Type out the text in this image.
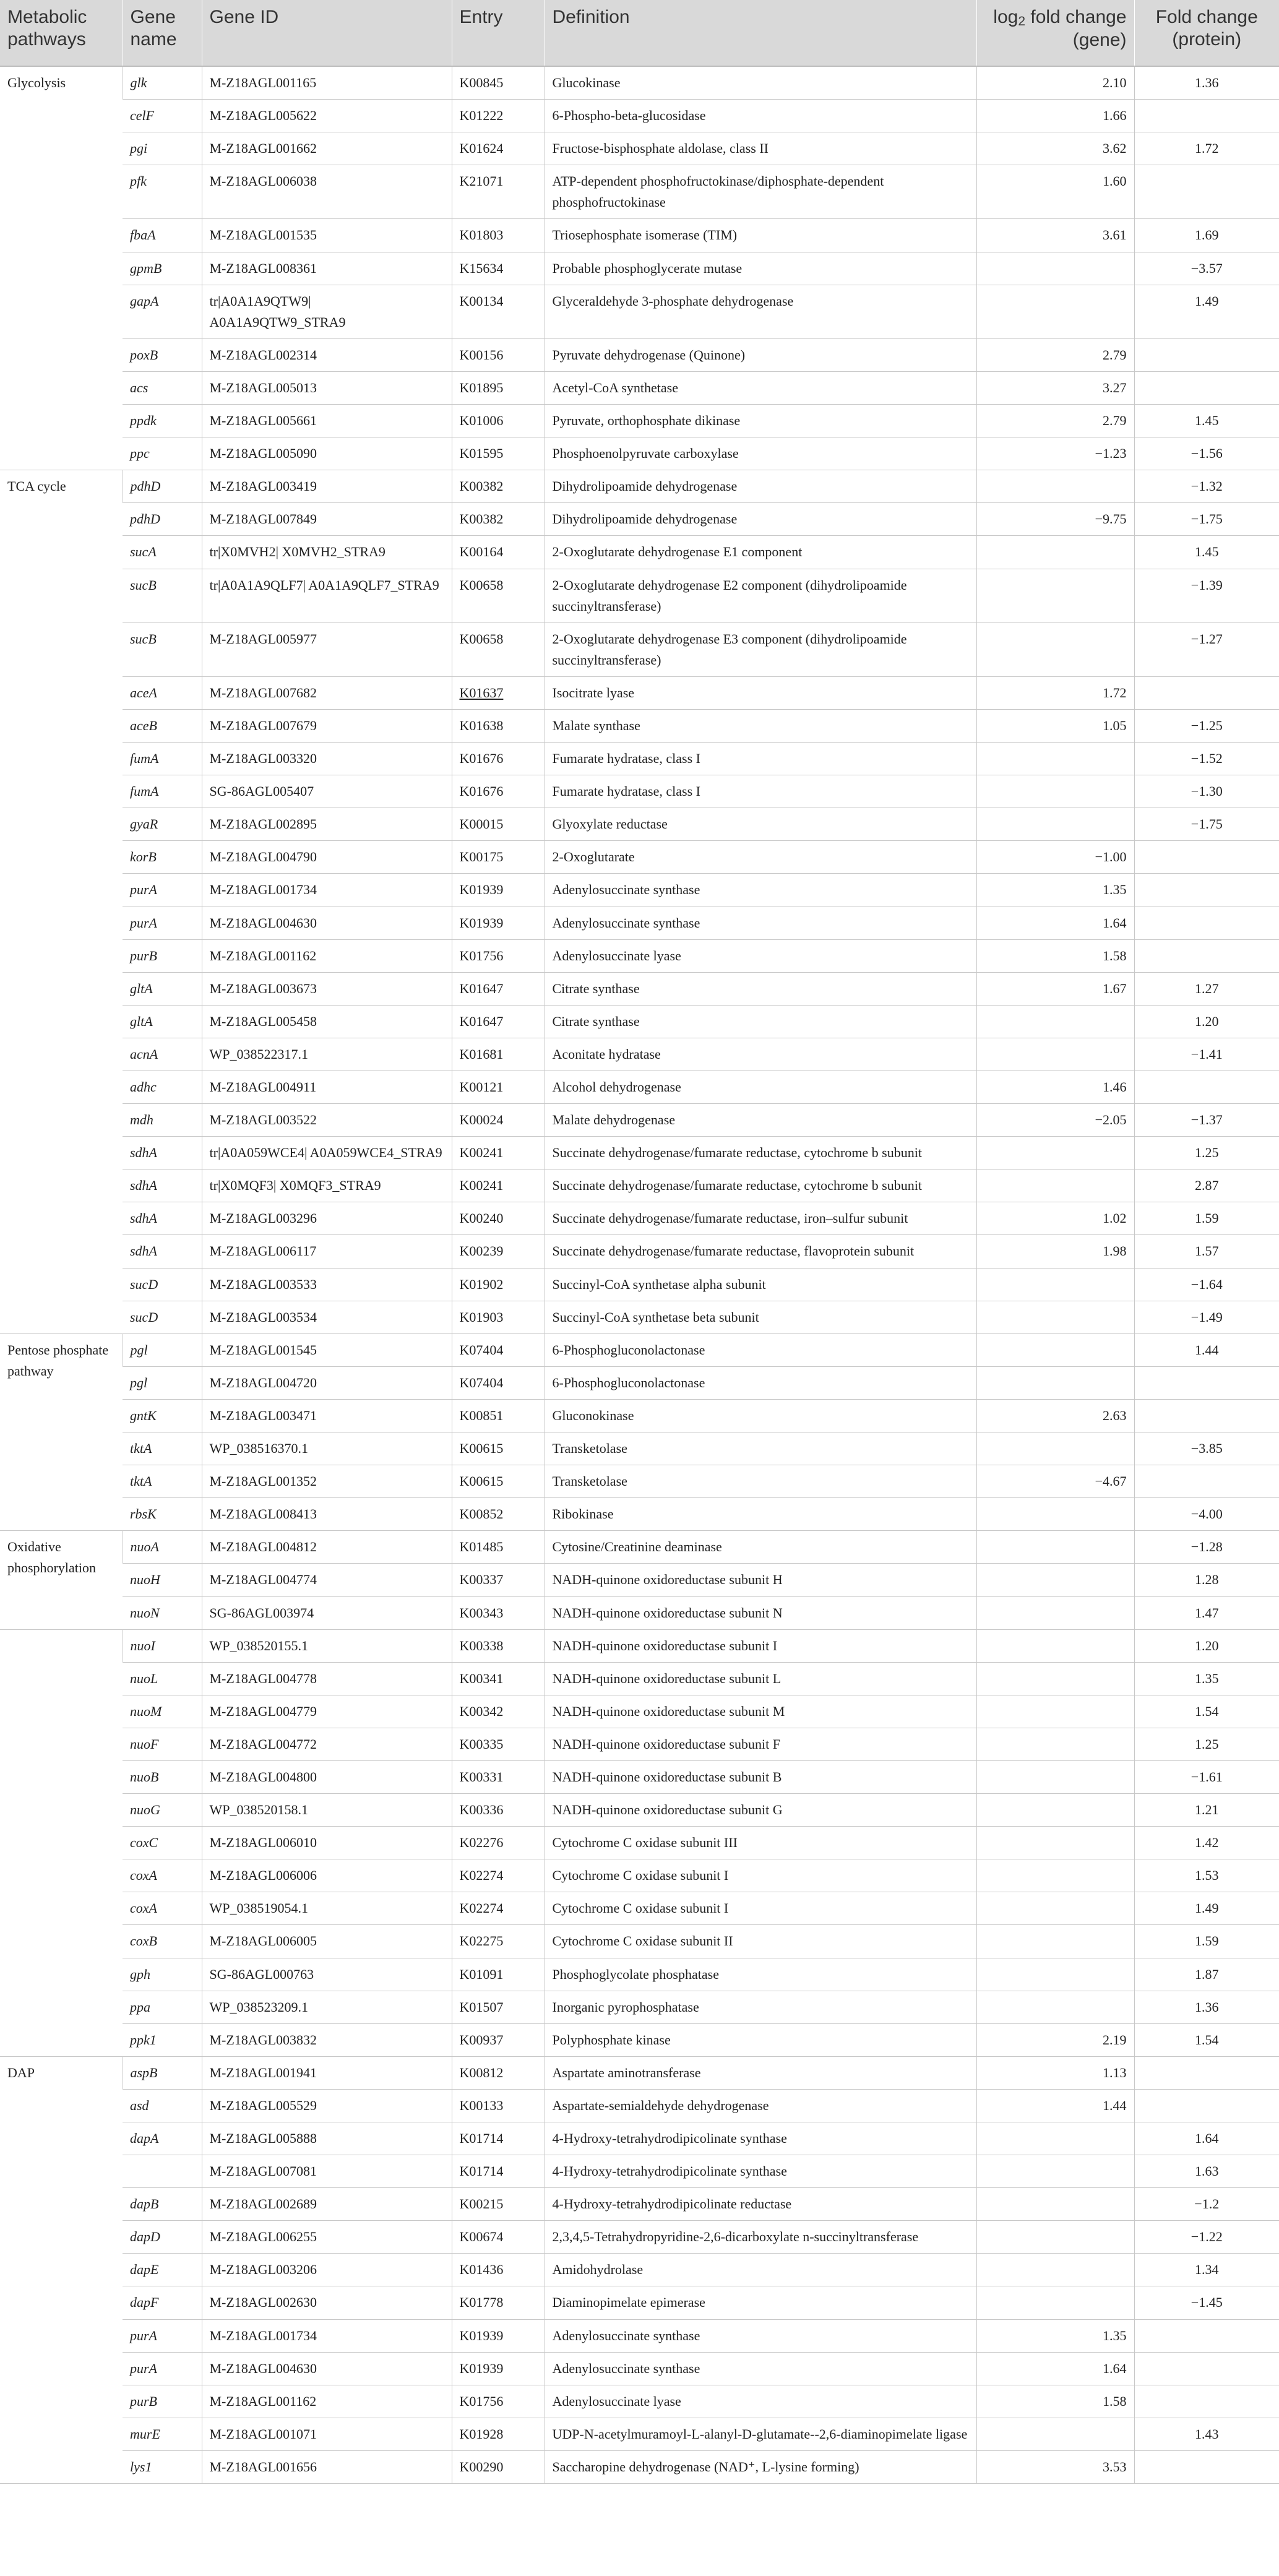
Metabolic pathways	Gene name	Gene ID	Entry	Definition	log2 fold change (gene)	Fold change (protein)
Glycolysis	glk	M-Z18AGL001165	K00845	Glucokinase	2.10	1.36
	celF	M-Z18AGL005622	K01222	6-Phospho-beta-glucosidase	1.66	
	pgi	M-Z18AGL001662	K01624	Fructose-bisphosphate aldolase, class II	3.62	1.72
	pfk	M-Z18AGL006038	K21071	ATP-dependent phosphofructokinase/diphosphate-dependent phosphofructokinase	1.60	
	fbaA	M-Z18AGL001535	K01803	Triosephosphate isomerase (TIM)	3.61	1.69
	gpmB	M-Z18AGL008361	K15634	Probable phosphoglycerate mutase		−3.57
	gapA	tr|A0A1A9QTW9| A0A1A9QTW9_STRA9	K00134	Glyceraldehyde 3-phosphate dehydrogenase		1.49
	poxB	M-Z18AGL002314	K00156	Pyruvate dehydrogenase (Quinone)	2.79	
	acs	M-Z18AGL005013	K01895	Acetyl-CoA synthetase	3.27	
	ppdk	M-Z18AGL005661	K01006	Pyruvate, orthophosphate dikinase	2.79	1.45
	ppc	M-Z18AGL005090	K01595	Phosphoenolpyruvate carboxylase	−1.23	−1.56
TCA cycle	pdhD	M-Z18AGL003419	K00382	Dihydrolipoamide dehydrogenase		−1.32
	pdhD	M-Z18AGL007849	K00382	Dihydrolipoamide dehydrogenase	−9.75	−1.75
	sucA	tr|X0MVH2| X0MVH2_STRA9	K00164	2-Oxoglutarate dehydrogenase E1 component		1.45
	sucB	tr|A0A1A9QLF7| A0A1A9QLF7_STRA9	K00658	2-Oxoglutarate dehydrogenase E2 component (dihydrolipoamide succinyltransferase)		−1.39
	sucB	M-Z18AGL005977	K00658	2-Oxoglutarate dehydrogenase E3 component (dihydrolipoamide succinyltransferase)		−1.27
	aceA	M-Z18AGL007682	K01637	Isocitrate lyase	1.72	
	aceB	M-Z18AGL007679	K01638	Malate synthase	1.05	−1.25
	fumA	M-Z18AGL003320	K01676	Fumarate hydratase, class I		−1.52
	fumA	SG-86AGL005407	K01676	Fumarate hydratase, class I		−1.30
	gyaR	M-Z18AGL002895	K00015	Glyoxylate reductase		−1.75
	korB	M-Z18AGL004790	K00175	2-Oxoglutarate	−1.00	
	purA	M-Z18AGL001734	K01939	Adenylosuccinate synthase	1.35	
	purA	M-Z18AGL004630	K01939	Adenylosuccinate synthase	1.64	
	purB	M-Z18AGL001162	K01756	Adenylosuccinate lyase	1.58	
	gltA	M-Z18AGL003673	K01647	Citrate synthase	1.67	1.27
	gltA	M-Z18AGL005458	K01647	Citrate synthase		1.20
	acnA	WP_038522317.1	K01681	Aconitate hydratase		−1.41
	adhc	M-Z18AGL004911	K00121	Alcohol dehydrogenase	1.46	
	mdh	M-Z18AGL003522	K00024	Malate dehydrogenase	−2.05	−1.37
	sdhA	tr|A0A059WCE4| A0A059WCE4_STRA9	K00241	Succinate dehydrogenase/fumarate reductase, cytochrome b subunit		1.25
	sdhA	tr|X0MQF3| X0MQF3_STRA9	K00241	Succinate dehydrogenase/fumarate reductase, cytochrome b subunit		2.87
	sdhA	M-Z18AGL003296	K00240	Succinate dehydrogenase/fumarate reductase, iron–sulfur subunit	1.02	1.59
	sdhA	M-Z18AGL006117	K00239	Succinate dehydrogenase/fumarate reductase, flavoprotein subunit	1.98	1.57
	sucD	M-Z18AGL003533	K01902	Succinyl-CoA synthetase alpha subunit		−1.64
	sucD	M-Z18AGL003534	K01903	Succinyl-CoA synthetase beta subunit		−1.49
Pentose phosphate pathway	pgl	M-Z18AGL001545	K07404	6-Phosphogluconolactonase		1.44
	pgl	M-Z18AGL004720	K07404	6-Phosphogluconolactonase		
	gntK	M-Z18AGL003471	K00851	Gluconokinase	2.63	
	tktA	WP_038516370.1	K00615	Transketolase		−3.85
	tktA	M-Z18AGL001352	K00615	Transketolase	−4.67	
	rbsK	M-Z18AGL008413	K00852	Ribokinase		−4.00
Oxidative phosphorylation	nuoA	M-Z18AGL004812	K01485	Cytosine/Creatinine deaminase		−1.28
	nuoH	M-Z18AGL004774	K00337	NADH-quinone oxidoreductase subunit H		1.28
	nuoN	SG-86AGL003974	K00343	NADH-quinone oxidoreductase subunit N		1.47
	nuoI	WP_038520155.1	K00338	NADH-quinone oxidoreductase subunit I		1.20
	nuoL	M-Z18AGL004778	K00341	NADH-quinone oxidoreductase subunit L		1.35
	nuoM	M-Z18AGL004779	K00342	NADH-quinone oxidoreductase subunit M		1.54
	nuoF	M-Z18AGL004772	K00335	NADH-quinone oxidoreductase subunit F		1.25
	nuoB	M-Z18AGL004800	K00331	NADH-quinone oxidoreductase subunit B		−1.61
	nuoG	WP_038520158.1	K00336	NADH-quinone oxidoreductase subunit G		1.21
	coxC	M-Z18AGL006010	K02276	Cytochrome C oxidase subunit III		1.42
	coxA	M-Z18AGL006006	K02274	Cytochrome C oxidase subunit I		1.53
	coxA	WP_038519054.1	K02274	Cytochrome C oxidase subunit I		1.49
	coxB	M-Z18AGL006005	K02275	Cytochrome C oxidase subunit II		1.59
	gph	SG-86AGL000763	K01091	Phosphoglycolate phosphatase		1.87
	ppa	WP_038523209.1	K01507	Inorganic pyrophosphatase		1.36
	ppk1	M-Z18AGL003832	K00937	Polyphosphate kinase	2.19	1.54
DAP	aspB	M-Z18AGL001941	K00812	Aspartate aminotransferase	1.13	
	asd	M-Z18AGL005529	K00133	Aspartate-semialdehyde dehydrogenase	1.44	
	dapA	M-Z18AGL005888	K01714	4-Hydroxy-tetrahydrodipicolinate synthase		1.64
		M-Z18AGL007081	K01714	4-Hydroxy-tetrahydrodipicolinate synthase		1.63
	dapB	M-Z18AGL002689	K00215	4-Hydroxy-tetrahydrodipicolinate reductase		−1.2
	dapD	M-Z18AGL006255	K00674	2,3,4,5-Tetrahydropyridine-2,6-dicarboxylate n-succinyltransferase		−1.22
	dapE	M-Z18AGL003206	K01436	Amidohydrolase		1.34
	dapF	M-Z18AGL002630	K01778	Diaminopimelate epimerase		−1.45
	purA	M-Z18AGL001734	K01939	Adenylosuccinate synthase	1.35	
	purA	M-Z18AGL004630	K01939	Adenylosuccinate synthase	1.64	
	purB	M-Z18AGL001162	K01756	Adenylosuccinate lyase	1.58	
	murE	M-Z18AGL001071	K01928	UDP-N-acetylmuramoyl-L-alanyl-D-glutamate--2,6-diaminopimelate ligase		1.43
	lys1	M-Z18AGL001656	K00290	Saccharopine dehydrogenase (NAD⁺, L-lysine forming)	3.53	
